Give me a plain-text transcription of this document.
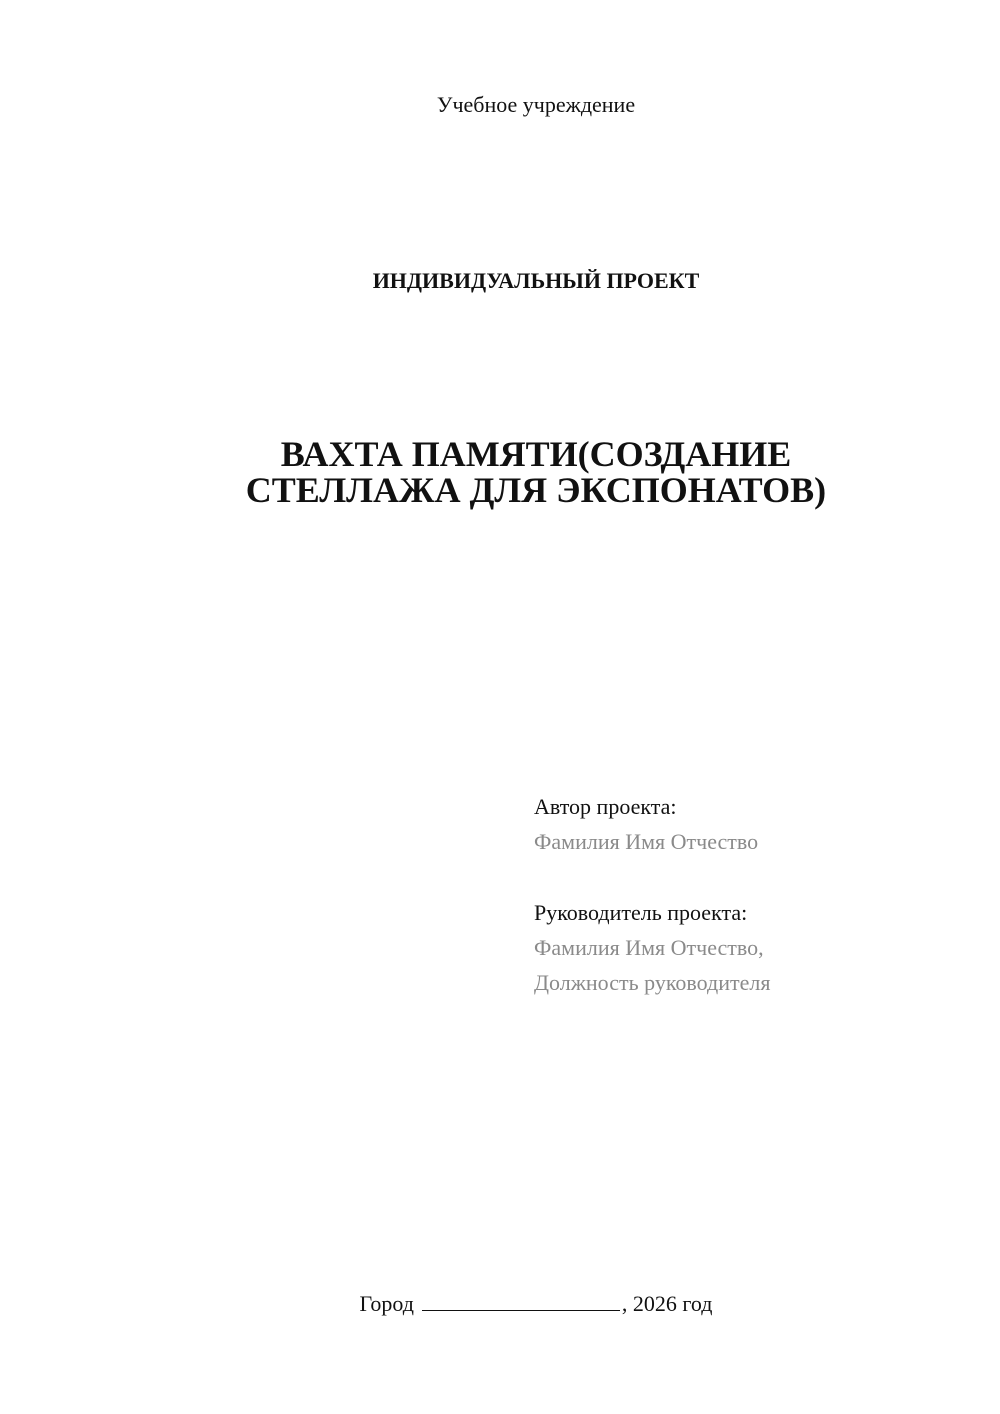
Учебное учреждение
ИНДИВИДУАЛЬНЫЙ ПРОЕКТ
ВАХТА ПАМЯТИ(СОЗДАНИЕ
СТЕЛЛАЖА ДЛЯ ЭКСПОНАТОВ)
Автор проекта:
Фамилия Имя Отчество
Руководитель проекта:
Фамилия Имя Отчество,
Должность руководителя
Город	, 2026 год
